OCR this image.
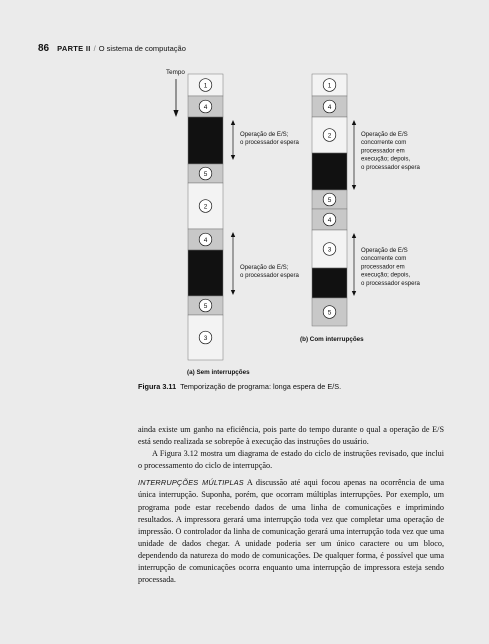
86 PARTE II / O sistema de computação
Tempo
1
4
5
2
4
5
3
1
4
2
5
4
3
5
Operação de E/S;
o processador espera
Operação de E/S;
o processador espera
Operação de E/S
concorrente com
processador em
execução; depois,
o processador espera
Operação de E/S
concorrente com
processador em
execução; depois,
o processador espera
(a) Sem interrupções
(b) Com interrupções
Figura 3.11 Temporização de programa: longa espera de E/S.

ainda existe um ganho na eficiência, pois parte do tempo durante o qual a operação de E/S está sendo realizada se sobrepõe à execução das instruções do usuário.

A Figura 3.12 mostra um diagrama de estado do ciclo de instruções revisado, que inclui o processamento do ciclo de interrupção.

INTERRUPÇÕES MÚLTIPLAS A discussão até aqui focou apenas na ocorrência de uma única interrupção. Suponha, porém, que ocorram múltiplas interrupções. Por exemplo, um programa pode estar recebendo dados de uma linha de comunicações e imprimindo resultados. A impressora gerará uma interrupção toda vez que completar uma operação de impressão. O controlador da linha de comunicação gerará uma interrupção toda vez que uma unidade de dados chegar. A unidade poderia ser um único caractere ou um bloco, dependendo da natureza do modo de comunicações. De qualquer forma, é possível que uma interrupção de comunicações ocorra enquanto uma interrupção de impressora esteja sendo processada.
